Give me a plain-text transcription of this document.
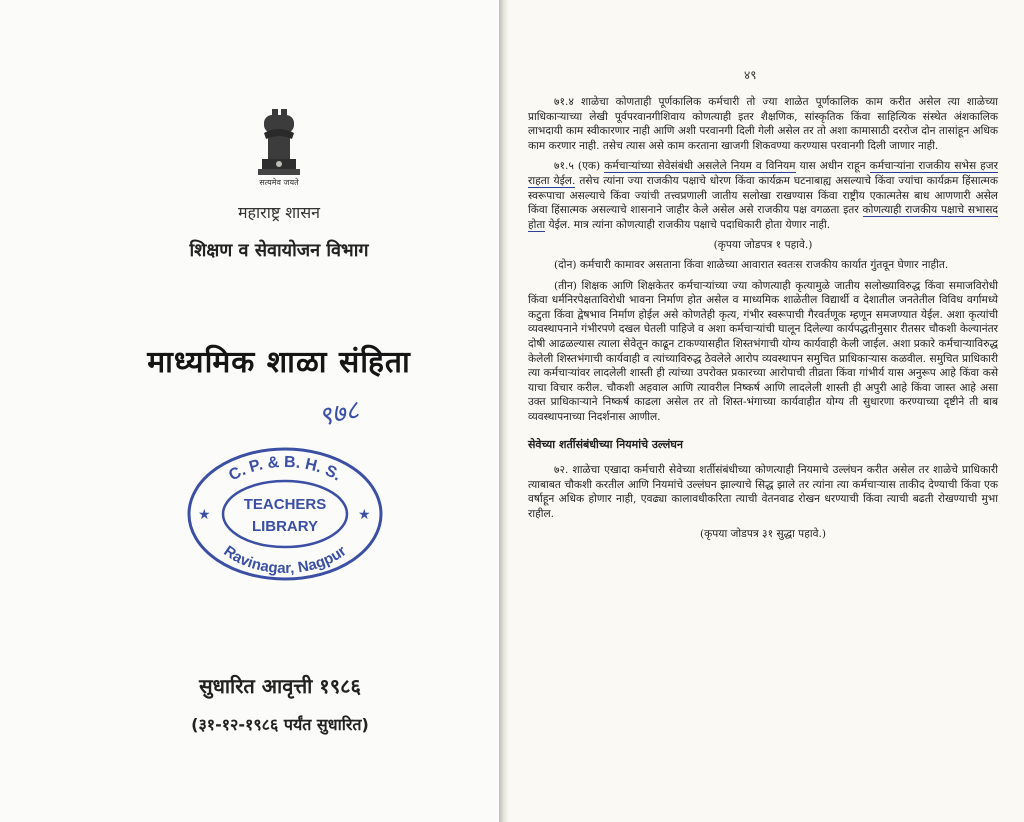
सत्यमेव जयते
महाराष्ट्र शासन
शिक्षण व सेवायोजन विभाग
माध्यमिक शाळा संहिता
९७८
C. P. & B. H. S.
TEACHERS
LIBRARY
Ravinagar, Nagpur
★	★
सुधारित आवृत्ती १९८६
(३१-१२-१९८६ पर्यंत सुधारित)
४९

७१.४ शाळेचा कोणताही पूर्णकालिक कर्मचारी तो ज्या शाळेत पूर्णकालिक काम करीत असेल त्या शाळेच्या प्राधिकाऱ्याच्या लेखी पूर्वपरवानगीशिवाय कोणत्याही इतर शैक्षणिक, सांस्कृतिक किंवा साहित्यिक संस्थेत अंशकालिक लाभदायी काम स्वीकारणार नाही आणि अशी परवानगी दिली गेली असेल तर तो अशा कामासाठी दररोज दोन तासांहून अधिक काम करणार नाही. तसेच त्यास असे काम करताना खाजगी शिकवण्या करण्यास परवानगी दिली जाणार नाही.

७१.५ (एक) कर्मचाऱ्यांच्या सेवेसंबंधी असलेले नियम व विनियम यास अधीन राहून कर्मचाऱ्यांना राजकीय सभेस हजर राहता येईल. तसेच त्यांना ज्या राजकीय पक्षाचे धोरण किंवा कार्यक्रम घटनाबाह्य असल्याचे किंवा ज्यांचा कार्यक्रम हिंसात्मक स्वरूपाचा असल्याचे किंवा ज्यांची तत्त्वप्रणाली जातीय सलोखा राखण्यास किंवा राष्ट्रीय एकात्मतेस बाध आणणारी असेल किंवा हिंसात्मक असल्याचे शासनाने जाहीर केले असेल असे राजकीय पक्ष वगळता इतर कोणत्याही राजकीय पक्षाचे सभासद होता येईल. मात्र त्यांना कोणत्याही राजकीय पक्षाचे पदाधिकारी होता येणार नाही.

(कृपया जोडपत्र १ पहावे.)

(दोन) कर्मचारी कामावर असताना किंवा शाळेच्या आवारात स्वतःस राजकीय कार्यात गुंतवून घेणार नाहीत.

(तीन) शिक्षक आणि शिक्षकेतर कर्मचाऱ्यांच्या ज्या कोणत्याही कृत्यामुळे जातीय सलोख्याविरुद्ध किंवा समाजविरोधी किंवा धर्मनिरपेक्षताविरोधी भावना निर्माण होत असेल व माध्यमिक शाळेतील विद्यार्थी व देशातील जनतेतील विविध वर्गामध्ये कटुता किंवा द्वेषभाव निर्माण होईल असे कोणतेही कृत्य, गंभीर स्वरूपाची गैरवर्तणूक म्हणून समजण्यात येईल. अशा कृत्यांची व्यवस्थापनाने गंभीरपणे दखल घेतली पाहिजे व अशा कर्मचाऱ्यांची घालून दिलेल्या कार्यपद्धतीनुसार रीतसर चौकशी केल्यानंतर दोषी आढळल्यास त्याला सेवेतून काढून टाकण्यासहीत शिस्तभंगाची योग्य कार्यवाही केली जाईल. अशा प्रकारे कर्मचाऱ्याविरुद्ध केलेली शिस्तभंगाची कार्यवाही व त्यांच्याविरुद्ध ठेवलेले आरोप व्यवस्थापन समुचित प्राधिकाऱ्यास कळवील. समुचित प्राधिकारी त्या कर्मचाऱ्यांवर लादलेली शास्ती ही त्यांच्या उपरोक्त प्रकारच्या आरोपाची तीव्रता किंवा गांभीर्य यास अनुरूप आहे किंवा कसे याचा विचार करील. चौकशी अहवाल आणि त्यावरील निष्कर्ष आणि लादलेली शास्ती ही अपुरी आहे किंवा जास्त आहे असा उक्त प्राधिकाऱ्याने निष्कर्ष काढला असेल तर तो शिस्त-भंगाच्या कार्यवाहीत योग्य ती सुधारणा करण्याच्या दृष्टीने ती बाब व्यवस्थापनाच्या निदर्शनास आणील.

सेवेच्या शर्तीसंबंधीच्या नियमांचे उल्लंघन

७२. शाळेचा एखादा कर्मचारी सेवेच्या शर्तीसंबंधीच्या कोणत्याही नियमाचे उल्लंघन करीत असेल तर शाळेचे प्राधिकारी त्याबाबत चौकशी करतील आणि नियमांचे उल्लंघन झाल्याचे सिद्ध झाले तर त्यांना त्या कर्मचाऱ्यास ताकीद देण्याची किंवा एक वर्षाहून अधिक होणार नाही, एवढ्या कालावधीकरिता त्याची वेतनवाढ रोखन धरण्याची किंवा त्याची बढती रोखण्याची मुभा राहील.

(कृपया जोडपत्र ३१ सुद्धा पहावे.)
